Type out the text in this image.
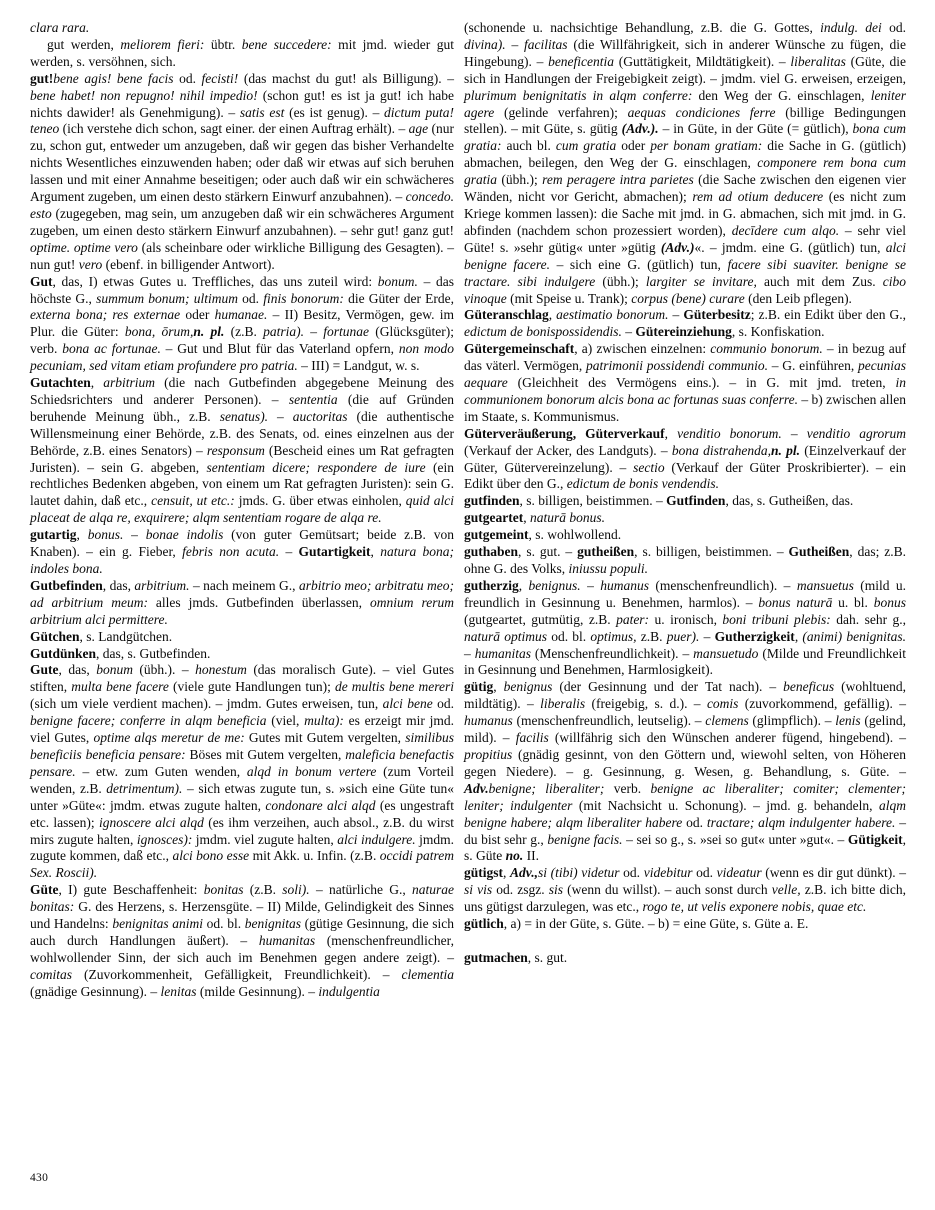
clara rara.

gut werden, meliorem fieri: übtr. bene succedere: mit jmd. wieder gut werden, s. versöhnen, sich.

gut!bene agis! bene facis od. fecisti! (das machst du gut! als Billigung). – bene habet! non repugno! nihil impedio! (schon gut! es ist ja gut! ich habe nichts dawider! als Genehmigung). – satis est (es ist genug). – dictum puta! teneo (ich verstehe dich schon, sagt einer. der einen Auftrag erhält). – age (nur zu, schon gut, entweder um anzugeben, daß wir gegen das bisher Verhandelte nichts Wesentliches einzuwenden haben; oder daß wir etwas auf sich beruhen lassen und mit einer Annahme beseitigen; oder auch daß wir ein schwächeres Argument zugeben, um einen desto stärkern Einwurf anzubahnen). – concedo. esto (zugegeben, mag sein, um anzugeben daß wir ein schwächeres Argument zugeben, um einen desto stärkern Einwurf anzubahnen). – sehr gut! ganz gut! optime. optime vero (als scheinbare oder wirkliche Billigung des Gesagten). – nun gut! vero (ebenf. in billigender Antwort).

Gut, das, I) etwas Gutes u. Treffliches, das uns zuteil wird: bonum. – das höchste G., summum bonum; ultimum od. finis bonorum: die Güter der Erde, externa bona; res externae oder humanae. – II) Besitz, Vermögen, gew. im Plur. die Güter: bona, ōrum,n. pl. (z.B. patria). – fortunae (Glücksgüter); verb. bona ac fortunae. – Gut und Blut für das Vaterland opfern, non modo pecuniam, sed vitam etiam profundere pro patria. – III) = Landgut, w. s.

Gutachten, arbitrium (die nach Gutbefinden abgegebene Meinung des Schiedsrichters und anderer Personen). – sententia (die auf Gründen beruhende Meinung übh., z.B. senatus). – auctoritas (die authentische Willensmeinung einer Behörde, z.B. des Senats, od. eines einzelnen aus der Behörde, z.B. eines Senators) – responsum (Bescheid eines um Rat gefragten Juristen). – sein G. abgeben, sententiam dicere; respondere de iure (ein rechtliches Bedenken abgeben, von einem um Rat gefragten Juristen): sein G. lautet dahin, daß etc., censuit, ut etc.: jmds. G. über etwas einholen, quid alci placeat de alqa re, exquirere; alqm sententiam rogare de alqa re.

gutartig, bonus. – bonae indolis (von guter Gemütsart; beide z.B. von Knaben). – ein g. Fieber, febris non acuta. – Gutartigkeit, natura bona; indoles bona.

Gutbefinden, das, arbitrium. – nach meinem G., arbitrio meo; arbitratu meo; ad arbitrium meum: alles jmds. Gutbefinden überlassen, omnium rerum arbitrium alci permittere.

Gütchen, s. Landgütchen.

Gutdünken, das, s. Gutbefinden.

Gute, das, bonum (übh.). – honestum (das moralisch Gute). – viel Gutes stiften, multa bene facere (viele gute Handlungen tun); de multis bene mereri (sich um viele verdient machen). – jmdm. Gutes erweisen, tun, alci bene od. benigne facere; conferre in alqm beneficia (viel, multa): es erzeigt mir jmd. viel Gutes, optime alqs meretur de me: Gutes mit Gutem vergelten, similibus beneficiis beneficia pensare: Böses mit Gutem vergelten, maleficia benefactis pensare. – etw. zum Guten wenden, alqd in bonum vertere (zum Vorteil wenden, z.B. detrimentum). – sich etwas zugute tun, s. »sich eine Güte tun« unter »Güte«: jmdm. etwas zugute halten, condonare alci alqd (es ungestraft etc. lassen); ignoscere alci alqd (es ihm verzeihen, auch absol., z.B. du wirst mirs zugute halten, ignosces): jmdm. viel zugute halten, alci indulgere. jmdm. zugute kommen, daß etc., alci bono esse mit Akk. u. Infin. (z.B. occidi patrem Sex. Roscii).

Güte, I) gute Beschaffenheit: bonitas (z.B. soli). – natürliche G., naturae bonitas: G. des Herzens, s. Herzensgüte. – II) Milde, Gelindigkeit des Sinnes und Handelns: benignitas animi od. bl. benignitas (gütige Gesinnung, die sich auch durch Handlungen äußert). – humanitas (menschenfreundlicher, wohlwollender Sinn, der sich auch im Benehmen gegen andere zeigt). – comitas (Zuvorkommenheit, Gefälligkeit, Freundlichkeit). – clementia (gnädige Gesinnung). – lenitas (milde Gesinnung). – indulgentia

(schonende u. nachsichtige Behandlung, z.B. die G. Gottes, indulg. dei od. divina). – facilitas (die Willfährigkeit, sich in anderer Wünsche zu fügen, die Hingebung). – beneficentia (Guttätigkeit, Mildtätigkeit). – liberalitas (Güte, die sich in Handlungen der Freigebigkeit zeigt). – jmdm. viel G. erweisen, erzeigen, plurimum benignitatis in alqm conferre: den Weg der G. einschlagen, leniter agere (gelinde verfahren); aequas condiciones ferre (billige Bedingungen stellen). – mit Güte, s. gütig (Adv.). – in Güte, in der Güte (= gütlich), bona cum gratia: auch bl. cum gratia oder per bonam gratiam: die Sache in G. (gütlich) abmachen, beilegen, den Weg der G. einschlagen, componere rem bona cum gratia (übh.); rem peragere intra parietes (die Sache zwischen den eigenen vier Wänden, nicht vor Gericht, abmachen); rem ad otium deducere (es nicht zum Kriege kommen lassen): die Sache mit jmd. in G. abmachen, sich mit jmd. in G. abfinden (nachdem schon prozessiert worden), decīdere cum alqo. – sehr viel Güte! s. »sehr gütig« unter »gütig (Adv.)«. – jmdm. eine G. (gütlich) tun, alci benigne facere. – sich eine G. (gütlich) tun, facere sibi suaviter. benigne se tractare. sibi indulgere (übh.); largiter se invitare, auch mit dem Zus. cibo vinoque (mit Speise u. Trank); corpus (bene) curare (den Leib pflegen).

Güteranschlag, aestimatio bonorum. – Güterbesitz; z.B. ein Edikt über den G., edictum de bonispossidendis. – Gütereinziehung, s. Konfiskation.

Gütergemeinschaft, a) zwischen einzelnen: communio bonorum. – in bezug auf das väterl. Vermögen, patrimonii possidendi communio. – G. einführen, pecunias aequare (Gleichheit des Vermögens eins.). – in G. mit jmd. treten, in communionem bonorum alcis bona ac fortunas suas conferre. – b) zwischen allen im Staate, s. Kommunismus.

Güterveräußerung, Güterverkauf, venditio bonorum. – venditio agrorum (Verkauf der Acker, des Landguts). – bona distrahenda,n. pl. (Einzelverkauf der Güter, Gütervereinzelung). – sectio (Verkauf der Güter Proskribierter). – ein Edikt über den G., edictum de bonis vendendis.

gutfinden, s. billigen, beistimmen. – Gutfinden, das, s. Gutheißen, das.

gutgeartet, naturā bonus.

gutgemeint, s. wohlwollend.

guthaben, s. gut. – gutheißen, s. billigen, beistimmen. – Gutheißen, das; z.B. ohne G. des Volks, iniussu populi.

gutherzig, benignus. – humanus (menschenfreundlich). – mansuetus (mild u. freundlich in Gesinnung u. Benehmen, harmlos). – bonus naturā u. bl. bonus (gutgeartet, gutmütig, z.B. pater: u. ironisch, boni tribuni plebis: dah. sehr g., naturā optimus od. bl. optimus, z.B. puer). – Gutherzigkeit, (animi) benignitas. – humanitas (Menschenfreundlichkeit). – mansuetudo (Milde und Freundlichkeit in Gesinnung und Benehmen, Harmlosigkeit).

gütig, benignus (der Gesinnung und der Tat nach). – beneficus (wohltuend, mildtätig). – liberalis (freigebig, s. d.). – comis (zuvorkommend, gefällig). – humanus (menschenfreundlich, leutselig). – clemens (glimpflich). – lenis (gelind, mild). – facilis (willfährig sich den Wünschen anderer fügend, hingebend). – propitius (gnädig gesinnt, von den Göttern und, wiewohl selten, von Höheren gegen Niedere). – g. Gesinnung, g. Wesen, g. Behandlung, s. Güte. – Adv.benigne; liberaliter; verb. benigne ac liberaliter; comiter; clementer; leniter; indulgenter (mit Nachsicht u. Schonung). – jmd. g. behandeln, alqm benigne habere; alqm liberaliter habere od. tractare; alqm indulgenter habere. – du bist sehr g., benigne facis. – sei so g., s. »sei so gut« unter »gut«. – Gütigkeit, s. Güte no. II.

gütigst, Adv.,si (tibi) videtur od. videbitur od. videatur (wenn es dir gut dünkt). – si vis od. zsgz. sis (wenn du willst). – auch sonst durch velle, z.B. ich bitte dich, uns gütigst darzulegen, was etc., rogo te, ut velis exponere nobis, quae etc.

gütlich, a) = in der Güte, s. Güte. – b) = eine Güte, s. Güte a. E.

gutmachen, s. gut.

430
